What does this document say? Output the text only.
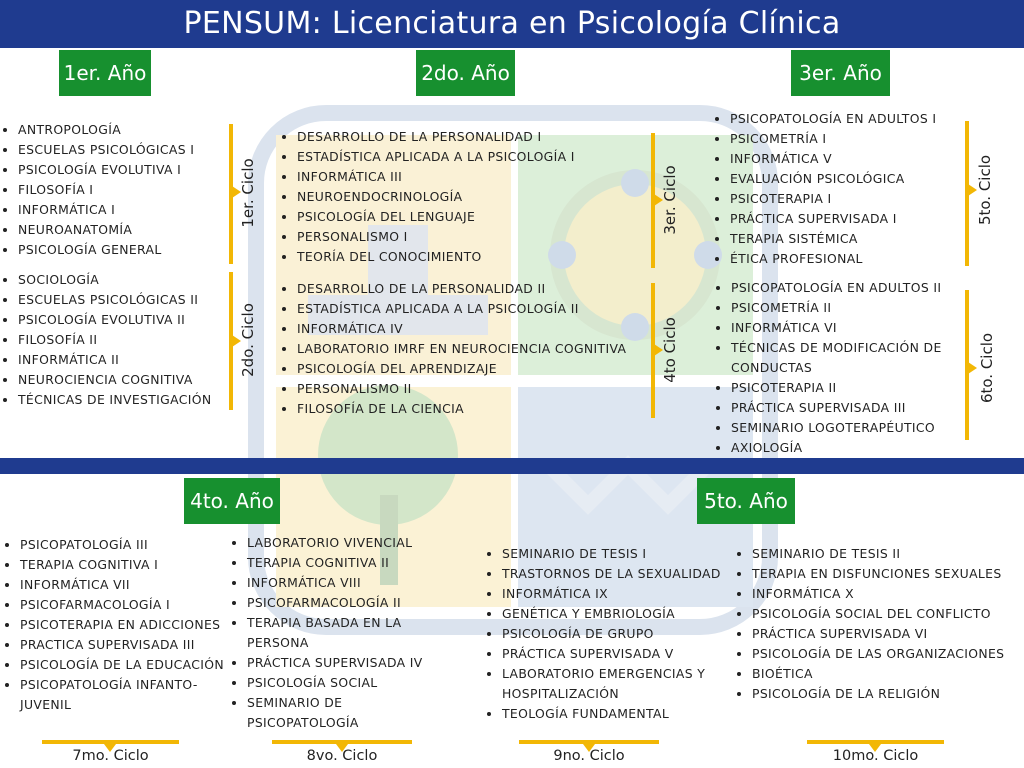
PENSUM: Licenciatura en Psicología Clínica
1er. Año	2do. Año	3er. Año
4to. Año	5to. Año
• ANTROPOLOGÍA
• ESCUELAS PSICOLÓGICAS I
• PSICOLOGÍA EVOLUTIVA I
• FILOSOFÍA I
• INFORMÁTICA I
• NEUROANATOMÍA
• PSICOLOGÍA GENERAL
1er. Ciclo
• SOCIOLOGÍA
• ESCUELAS PSICOLÓGICAS II
• PSICOLOGÍA EVOLUTIVA II
• FILOSOFÍA II
• INFORMÁTICA II
• NEUROCIENCIA COGNITIVA
• TÉCNICAS DE INVESTIGACIÓN
2do. Ciclo
• DESARROLLO DE LA PERSONALIDAD I
• ESTADÍSTICA APLICADA A LA PSICOLOGÍA I
• INFORMÁTICA III
• NEUROENDOCRINOLOGÍA
• PSICOLOGÍA DEL LENGUAJE
• PERSONALISMO I
• TEORÍA DEL CONOCIMIENTO
3er. Ciclo
• DESARROLLO DE LA PERSONALIDAD II
• ESTADÍSTICA APLICADA A LA PSICOLOGÍA II
• INFORMÁTICA IV
• LABORATORIO IMRF EN NEUROCIENCIA COGNITIVA
• PSICOLOGÍA DEL APRENDIZAJE
• PERSONALISMO II
• FILOSOFÍA DE LA CIENCIA
4to Ciclo
• PSICOPATOLOGÍA EN ADULTOS I
• PSICOMETRÍA I
• INFORMÁTICA V
• EVALUACIÓN PSICOLÓGICA
• PSICOTERAPIA I
• PRÁCTICA SUPERVISADA I
• TERAPIA SISTÉMICA
• ÉTICA PROFESIONAL
5to. Ciclo
• PSICOPATOLOGÍA EN ADULTOS II
• PSICOMETRÍA II
• INFORMÁTICA VI
• TÉCNICAS DE MODIFICACIÓN DE CONDUCTAS
• PSICOTERAPIA II
• PRÁCTICA SUPERVISADA III
• SEMINARIO LOGOTERAPÉUTICO
• AXIOLOGÍA
6to. Ciclo
• PSICOPATOLOGÍA III
• TERAPIA COGNITIVA I
• INFORMÁTICA VII
• PSICOFARMACOLOGÍA I
• PSICOTERAPIA EN ADICCIONES
• PRACTICA SUPERVISADA III
• PSICOLOGÍA DE LA EDUCACIÓN
• PSICOPATOLOGÍA INFANTO-JUVENIL
7mo. Ciclo
• LABORATORIO VIVENCIAL
• TERAPIA COGNITIVA II
• INFORMÁTICA VIII
• PSICOFARMACOLOGÍA II
• TERAPIA BASADA EN LA PERSONA
• PRÁCTICA SUPERVISADA IV
• PSICOLOGÍA SOCIAL
• SEMINARIO DE PSICOPATOLOGÍA
8vo. Ciclo
• SEMINARIO DE TESIS I
• TRASTORNOS DE LA SEXUALIDAD
• INFORMÁTICA IX
• GENÉTICA Y EMBRIOLOGÍA
• PSICOLOGÍA DE GRUPO
• PRÁCTICA SUPERVISADA V
• LABORATORIO EMERGENCIAS Y HOSPITALIZACIÓN
• TEOLOGÍA FUNDAMENTAL
9no. Ciclo
• SEMINARIO DE TESIS II
• TERAPIA EN DISFUNCIONES SEXUALES
• INFORMÁTICA X
• PSICOLOGÍA SOCIAL DEL CONFLICTO
• PRÁCTICA SUPERVISADA VI
• PSICOLOGÍA DE LAS ORGANIZACIONES
• BIOÉTICA
• PSICOLOGÍA DE LA RELIGIÓN
10mo. Ciclo
